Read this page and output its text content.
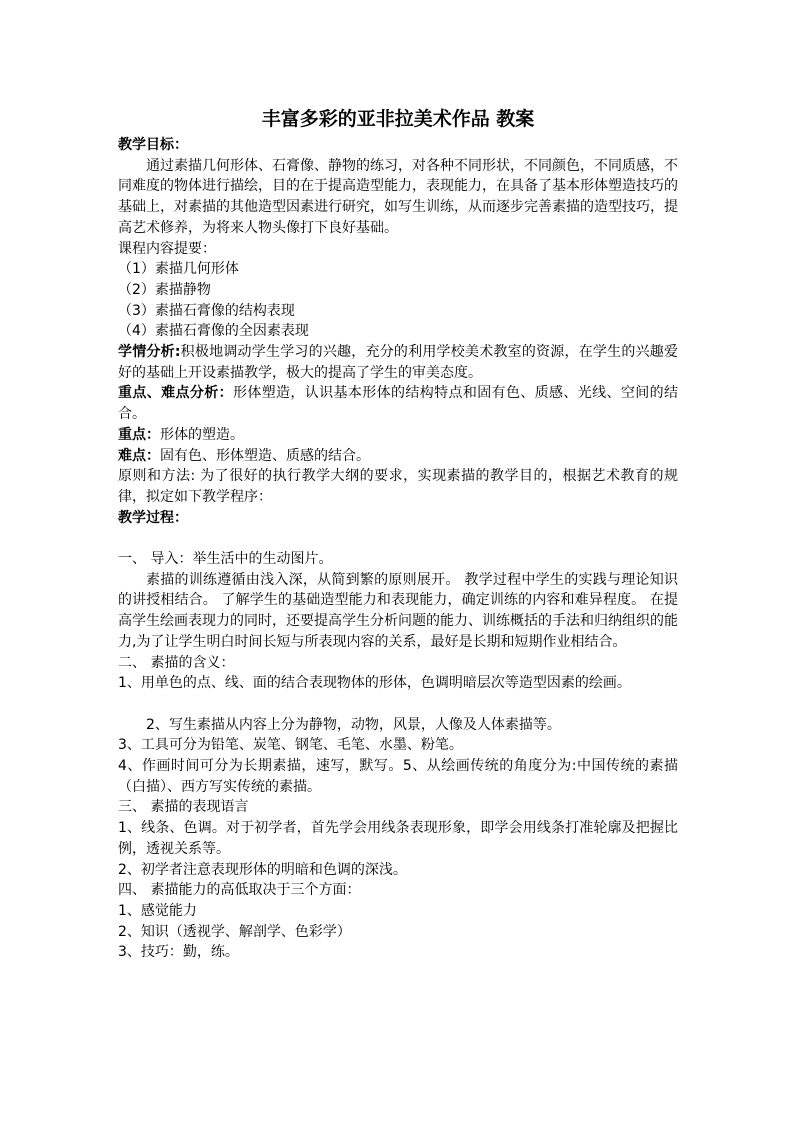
丰富多彩的亚非拉美术作品 教案

教学目标：

通过素描几何形体、石膏像、静物的练习，对各种不同形状，不同颜色，不同质感，不同难度的物体进行描绘，目的在于提高造型能力，表现能力，在具备了基本形体塑造技巧的基础上，对素描的其他造型因素进行研究，如写生训练，从而逐步完善素描的造型技巧，提高艺术修养，为将来人物头像打下良好基础。

课程内容提要：

（1）素描几何形体

（2）素描静物

（3）素描石膏像的结构表现

（4）素描石膏像的全因素表现

学情分析:积极地调动学生学习的兴趣，充分的利用学校美术教室的资源，在学生的兴趣爱好的基础上开设素描教学，极大的提高了学生的审美态度。

重点、难点分析：形体塑造，认识基本形体的结构特点和固有色、质感、光线、空间的结合。

重点：形体的塑造。

难点：固有色、形体塑造、质感的结合。

原则和方法: 为了很好的执行教学大纲的要求，实现素描的教学目的，根据艺术教育的规律，拟定如下教学程序：

教学过程：

一、 导入：举生活中的生动图片。

素描的训练遵循由浅入深，从简到繁的原则展开。 教学过程中学生的实践与理论知识的讲授相结合。 了解学生的基础造型能力和表现能力，确定训练的内容和难异程度。 在提高学生绘画表现力的同时，还要提高学生分析问题的能力、训练概括的手法和归纳组织的能力,为了让学生明白时间长短与所表现内容的关系，最好是长期和短期作业相结合。

二、 素描的含义：

1、用单色的点、线、面的结合表现物体的形体，色调明暗层次等造型因素的绘画。

2、写生素描从内容上分为静物，动物，风景，人像及人体素描等。

3、工具可分为铅笔、炭笔、钢笔、毛笔、水墨、粉笔。

4、作画时间可分为长期素描，速写，默写。5、从绘画传统的角度分为:中国传统的素描（白描）、西方写实传统的素描。

三、 素描的表现语言

1、线条、色调。对于初学者，首先学会用线条表现形象，即学会用线条打准轮廓及把握比例，透视关系等。

2、初学者注意表现形体的明暗和色调的深浅。

四、 素描能力的高低取决于三个方面：

1、感觉能力

2、知识（透视学、解剖学、色彩学）

3、技巧：勤，练。
